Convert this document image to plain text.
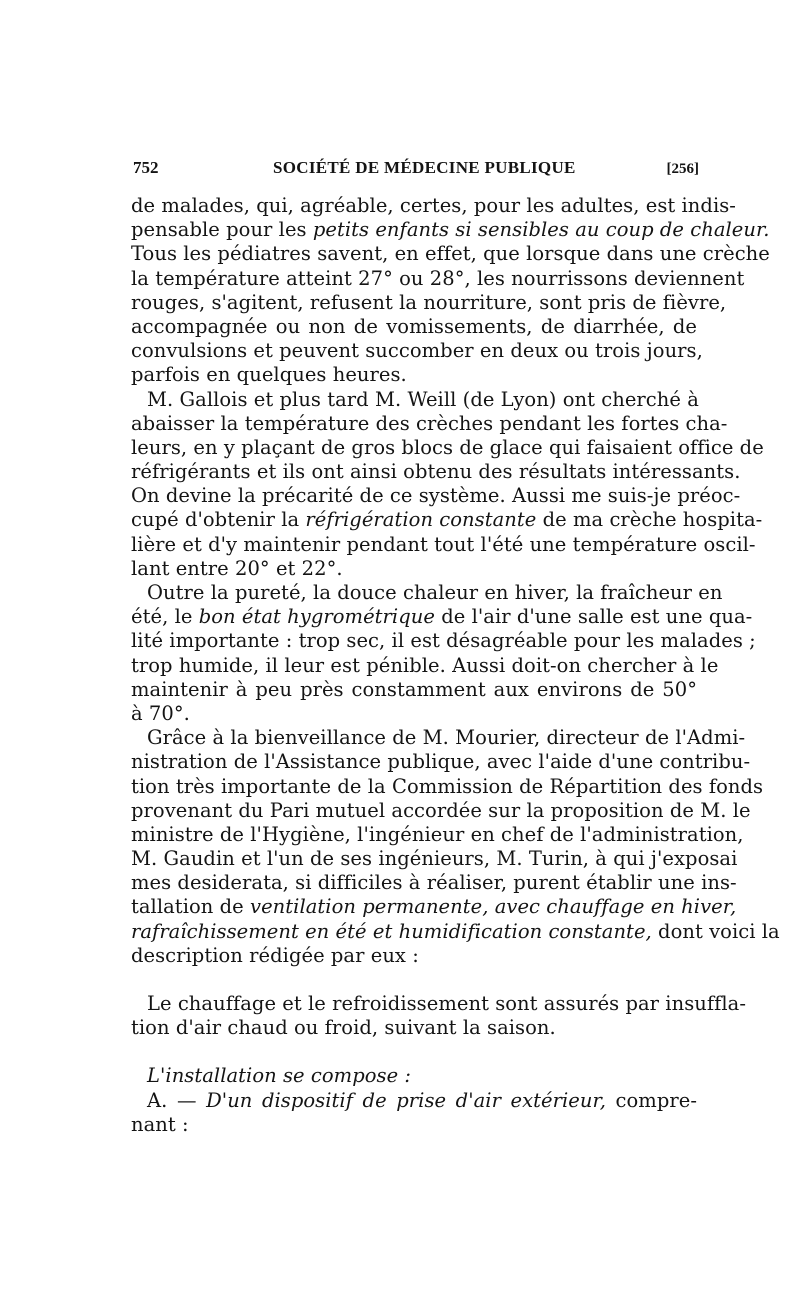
752	SOCIÉTÉ DE MÉDECINE PUBLIQUE	[256]
de malades, qui, agréable, certes, pour les adultes, est indis-
pensable pour les petits enfants si sensibles au coup de chaleur.
Tous les pédiatres savent, en effet, que lorsque dans une crèche
la température atteint 27° ou 28°, les nourrissons deviennent
rouges, s'agitent, refusent la nourriture, sont pris de fièvre,
accompagnée ou non de vomissements, de diarrhée, de
convulsions et peuvent succomber en deux ou trois jours,
parfois en quelques heures.
M. Gallois et plus tard M. Weill (de Lyon) ont cherché à
abaisser la température des crèches pendant les fortes cha-
leurs, en y plaçant de gros blocs de glace qui faisaient office de
réfrigérants et ils ont ainsi obtenu des résultats intéressants.
On devine la précarité de ce système. Aussi me suis-je préoc-
cupé d'obtenir la réfrigération constante de ma crèche hospita-
lière et d'y maintenir pendant tout l'été une température oscil-
lant entre 20° et 22°.
Outre la pureté, la douce chaleur en hiver, la fraîcheur en
été, le bon état hygrométrique de l'air d'une salle est une qua-
lité importante : trop sec, il est désagréable pour les malades ;
trop humide, il leur est pénible. Aussi doit-on chercher à le
maintenir à peu près constamment aux environs de 50°
à 70°.
Grâce à la bienveillance de M. Mourier, directeur de l'Admi-
nistration de l'Assistance publique, avec l'aide d'une contribu-
tion très importante de la Commission de Répartition des fonds
provenant du Pari mutuel accordée sur la proposition de M. le
ministre de l'Hygiène, l'ingénieur en chef de l'administration,
M. Gaudin et l'un de ses ingénieurs, M. Turin, à qui j'exposai
mes desiderata, si difficiles à réaliser, purent établir une ins-
tallation de ventilation permanente, avec chauffage en hiver,
rafraîchissement en été et humidification constante, dont voici la
description rédigée par eux :
Le chauffage et le refroidissement sont assurés par insuffla-
tion d'air chaud ou froid, suivant la saison.
L'installation se compose :
A. — D'un dispositif de prise d'air extérieur, compre-
nant :
